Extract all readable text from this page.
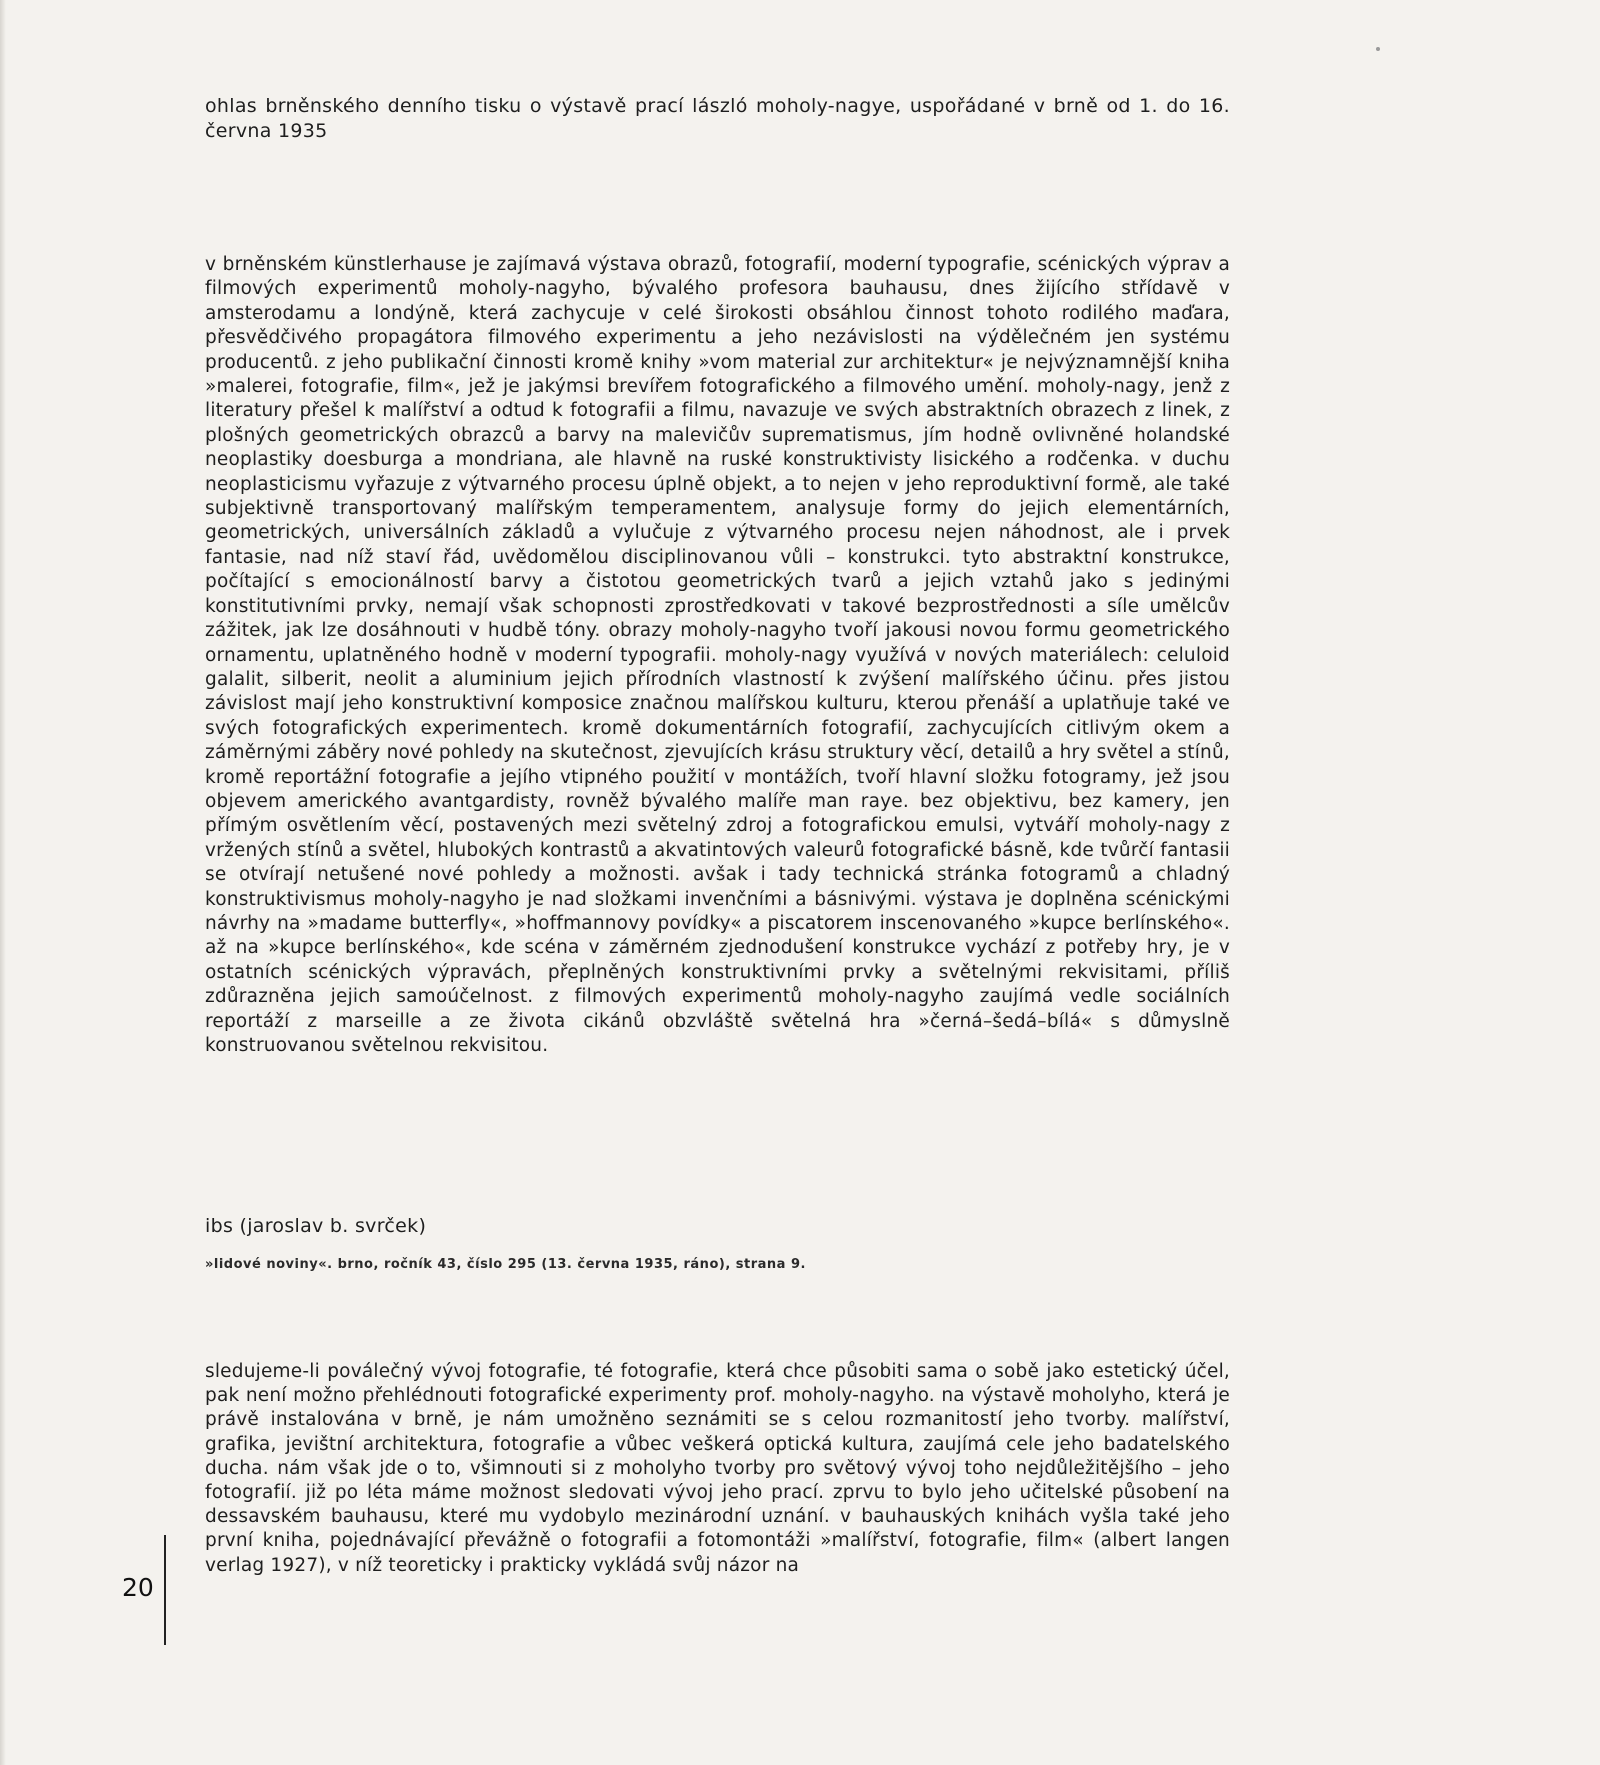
ohlas brněnského denního tisku o výstavě prací lászló moholy-nagye, uspořádané v brně od 1. do 16. června 1935
v brněnském künstlerhause je zajímavá výstava obrazů, fotografií, moderní typografie, scénických výprav a filmových experimentů moholy-nagyho, bývalého profesora bauhausu, dnes žijícího střídavě v amsterodamu a londýně, která zachycuje v celé širokosti obsáhlou činnost tohoto rodilého maďara, přesvědčivého propagátora filmového experimentu a jeho nezávislosti na výdělečném jen systému producentů. z jeho publikační činnosti kromě knihy »vom material zur architektur« je nejvýznamnější kniha »malerei, fotografie, film«, jež je jakýmsi brevířem fotografického a filmového umění. moholy-nagy, jenž z literatury přešel k malířství a odtud k fotografii a filmu, navazuje ve svých abstraktních obrazech z linek, z plošných geometrických obrazců a barvy na malevičův suprematismus, jím hodně ovlivněné holandské neoplastiky doesburga a mondriana, ale hlavně na ruské konstruktivisty lisického a rodčenka. v duchu neoplasticismu vyřazuje z výtvarného procesu úplně objekt, a to nejen v jeho reproduktivní formě, ale také subjektivně transportovaný malířským temperamentem, analysuje formy do jejich elementárních, geometrických, universálních základů a vylučuje z výtvarného procesu nejen náhodnost, ale i prvek fantasie, nad níž staví řád, uvědomělou disciplinovanou vůli – konstrukci. tyto abstraktní konstrukce, počítající s emocionálností barvy a čistotou geometrických tvarů a jejich vztahů jako s jedinými konstitutivními prvky, nemají však schopnosti zprostředkovati v takové bezprostřednosti a síle umělcův zážitek, jak lze dosáhnouti v hudbě tóny. obrazy moholy-nagyho tvoří jakousi novou formu geometrického ornamentu, uplatněného hodně v moderní typografii. moholy-nagy využívá v nových materiálech: celuloid galalit, silberit, neolit a aluminium jejich přírodních vlastností k zvýšení malířského účinu. přes jistou závislost mají jeho konstruktivní komposice značnou malířskou kulturu, kterou přenáší a uplatňuje také ve svých fotografických experimentech. kromě dokumentárních fotografií, zachycujících citlivým okem a záměrnými záběry nové pohledy na skutečnost, zjevujících krásu struktury věcí, detailů a hry světel a stínů, kromě reportážní fotografie a jejího vtipného použití v montážích, tvoří hlavní složku fotogramy, jež jsou objevem amerického avantgardisty, rovněž bývalého malíře man raye. bez objektivu, bez kamery, jen přímým osvětlením věcí, postavených mezi světelný zdroj a fotografickou emulsi, vytváří moholy-nagy z vržených stínů a světel, hlubokých kontrastů a akvatintových valeurů fotografické básně, kde tvůrčí fantasii se otvírají netušené nové pohledy a možnosti. avšak i tady technická stránka fotogramů a chladný konstruktivismus moholy-nagyho je nad složkami invenčními a básnivými. výstava je doplněna scénickými návrhy na »madame butterfly«, »hoffmannovy povídky« a piscatorem inscenovaného »kupce berlínského«. až na »kupce berlínského«, kde scéna v záměrném zjednodušení konstrukce vychází z potřeby hry, je v ostatních scénických výpravách, přeplněných konstruktivními prvky a světelnými rekvisitami, příliš zdůrazněna jejich samoúčelnost. z filmových experimentů moholy-nagyho zaujímá vedle sociálních reportáží z marseille a ze života cikánů obzvláště světelná hra »černá–šedá–bílá« s důmyslně konstruovanou světelnou rekvisitou.
ibs (jaroslav b. svrček)
»lidové noviny«. brno, ročník 43, číslo 295 (13. června 1935, ráno), strana 9.
sledujeme-li poválečný vývoj fotografie, té fotografie, která chce působiti sama o sobě jako estetický účel, pak není možno přehlédnouti fotografické experimenty prof. moholy-nagyho. na výstavě moholyho, která je právě instalována v brně, je nám umožněno seznámiti se s celou rozmanitostí jeho tvorby. malířství, grafika, jevištní architektura, fotografie a vůbec veškerá optická kultura, zaujímá cele jeho badatelského ducha. nám však jde o to, všimnouti si z moholyho tvorby pro světový vývoj toho nejdůležitějšího – jeho fotografií. již po léta máme možnost sledovati vývoj jeho prací. zprvu to bylo jeho učitelské působení na dessavském bauhausu, které mu vydobylo mezinárodní uznání. v bauhauských knihách vyšla také jeho první kniha, pojednávající převážně o fotografii a fotomontáži »malířství, fotografie, film« (albert langen verlag 1927), v níž teoreticky i prakticky vykládá svůj názor na
20
